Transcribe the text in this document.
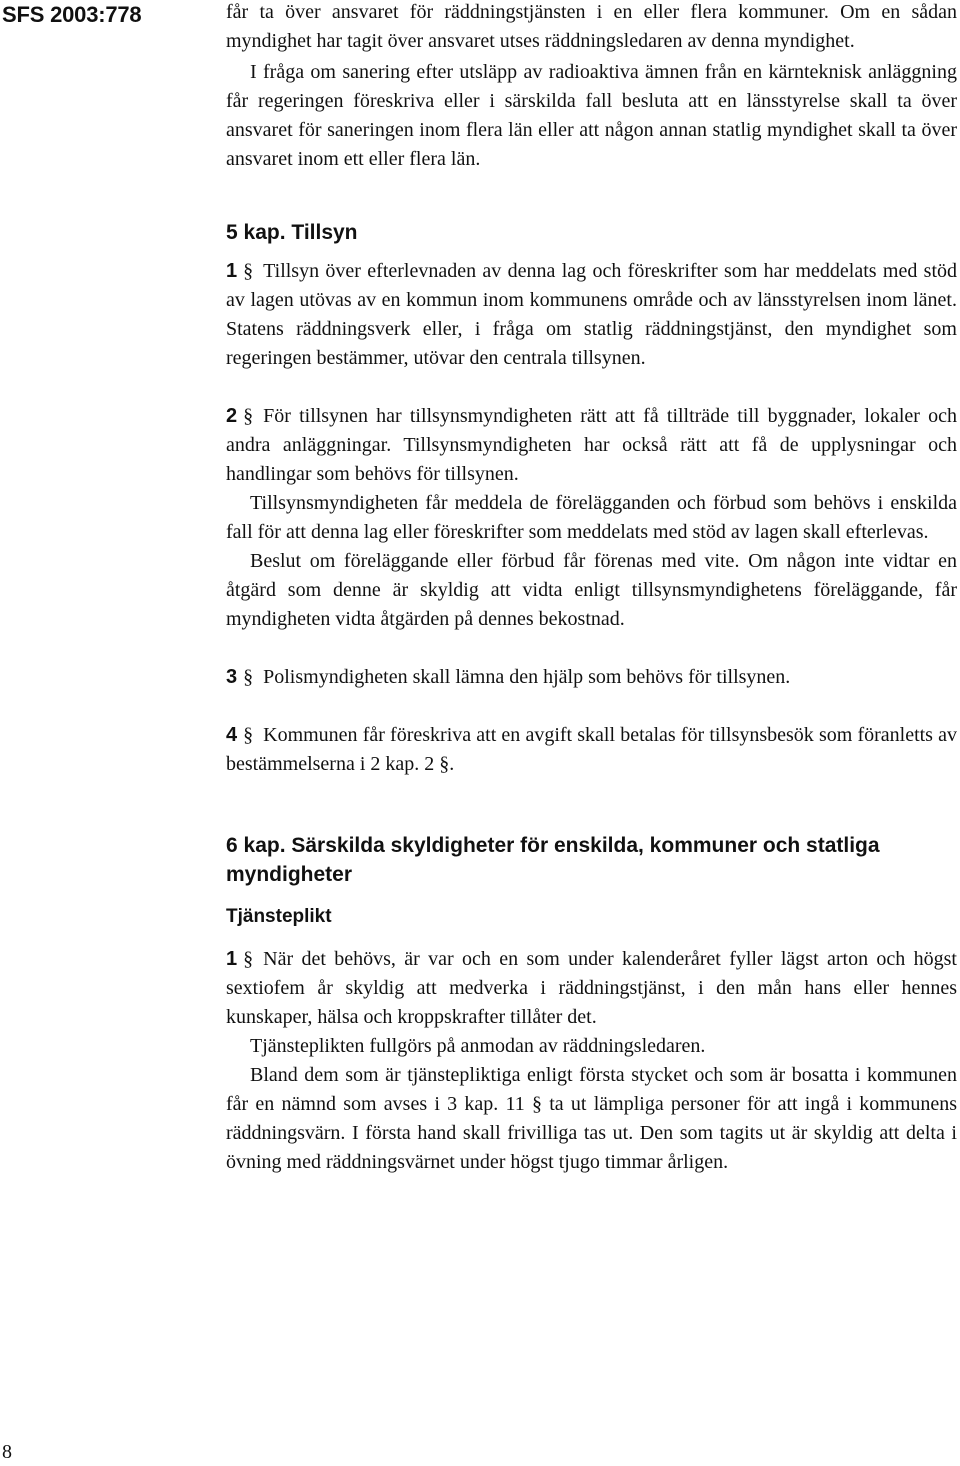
SFS 2003:778	får ta över ansvaret för räddningstjänsten i en eller flera kommuner. Om en sådan myndighet har tagit över ansvaret utses räddningsledaren av denna myndighet.

I fråga om sanering efter utsläpp av radioaktiva ämnen från en kärnteknisk anläggning får regeringen föreskriva eller i särskilda fall besluta att en länsstyrelse skall ta över ansvaret för saneringen inom flera län eller att någon annan statlig myndighet skall ta över ansvaret inom ett eller flera län.

5 kap. Tillsyn

1 § Tillsyn över efterlevnaden av denna lag och föreskrifter som har meddelats med stöd av lagen utövas av en kommun inom kommunens område och av länsstyrelsen inom länet. Statens räddningsverk eller, i fråga om statlig räddningstjänst, den myndighet som regeringen bestämmer, utövar den centrala tillsynen.

2 § För tillsynen har tillsynsmyndigheten rätt att få tillträde till byggnader, lokaler och andra anläggningar. Tillsynsmyndigheten har också rätt att få de upplysningar och handlingar som behövs för tillsynen.

Tillsynsmyndigheten får meddela de förelägganden och förbud som behövs i enskilda fall för att denna lag eller föreskrifter som meddelats med stöd av lagen skall efterlevas.

Beslut om föreläggande eller förbud får förenas med vite. Om någon inte vidtar en åtgärd som denne är skyldig att vidta enligt tillsynsmyndighetens föreläggande, får myndigheten vidta åtgärden på dennes bekostnad.

3 § Polismyndigheten skall lämna den hjälp som behövs för tillsynen.

4 § Kommunen får föreskriva att en avgift skall betalas för tillsynsbesök som föranletts av bestämmelserna i 2 kap. 2 §.

6 kap. Särskilda skyldigheter för enskilda, kommuner och statliga myndigheter
Tjänsteplikt

1 § När det behövs, är var och en som under kalenderåret fyller lägst arton och högst sextiofem år skyldig att medverka i räddningstjänst, i den mån hans eller hennes kunskaper, hälsa och kroppskrafter tillåter det.

Tjänsteplikten fullgörs på anmodan av räddningsledaren.

Bland dem som är tjänstepliktiga enligt första stycket och som är bosatta i kommunen får en nämnd som avses i 3 kap. 11 § ta ut lämpliga personer för att ingå i kommunens räddningsvärn. I första hand skall frivilliga tas ut. Den som tagits ut är skyldig att delta i övning med räddningsvärnet under högst tjugo timmar årligen.

8
